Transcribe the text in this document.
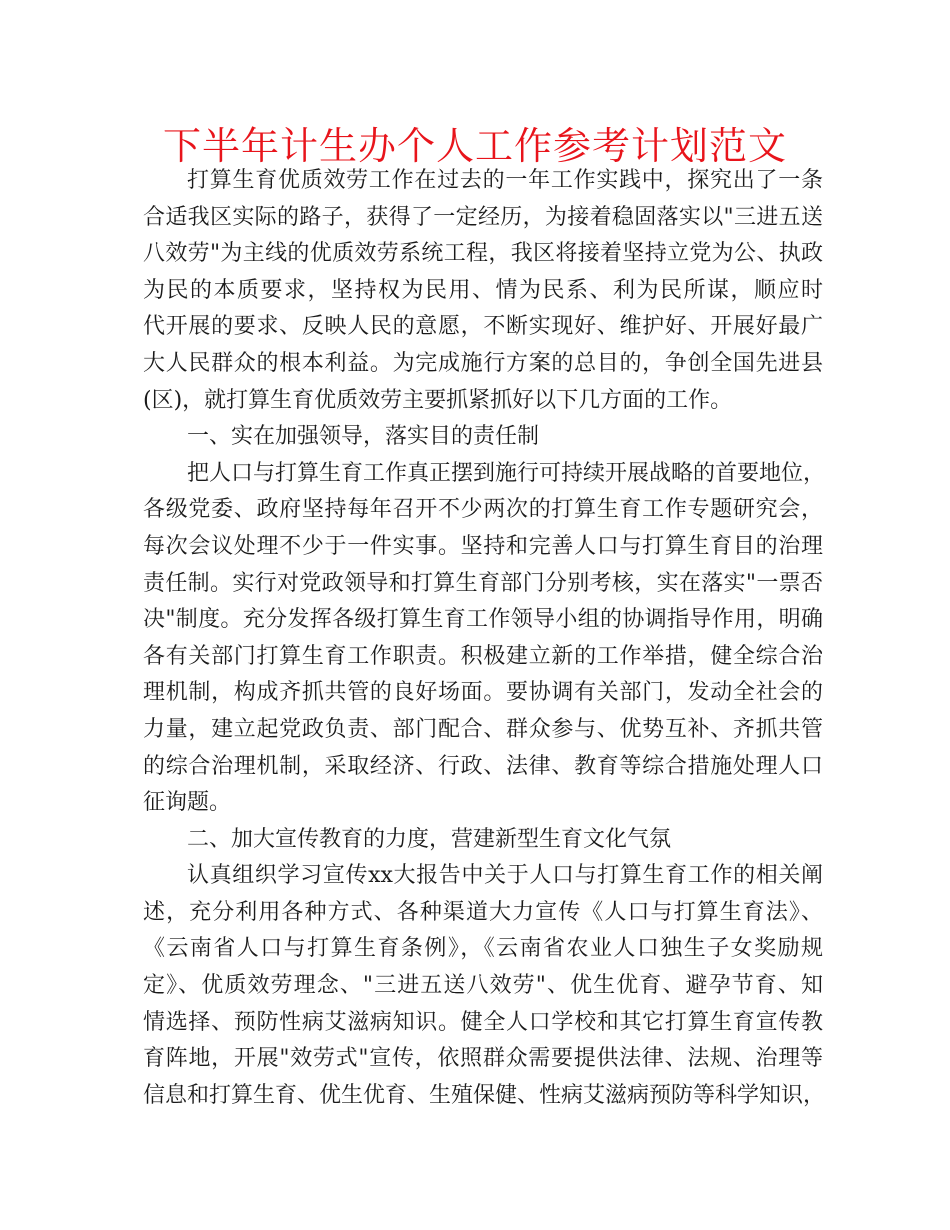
下半年计生办个人工作参考计划范文
打算生育优质效劳工作在过去的一年工作实践中，探究出了一条
合适我区实际的路子，获得了一定经历，为接着稳固落实以"三进五送
八效劳"为主线的优质效劳系统工程，我区将接着坚持立党为公、执政
为民的本质要求，坚持权为民用、情为民系、利为民所谋，顺应时
代开展的要求、反映人民的意愿，不断实现好、维护好、开展好最广
大人民群众的根本利益。为完成施行方案的总目的，争创全国先进县
(区)，就打算生育优质效劳主要抓紧抓好以下几方面的工作。
一、实在加强领导，落实目的责任制
把人口与打算生育工作真正摆到施行可持续开展战略的首要地位，
各级党委、政府坚持每年召开不少两次的打算生育工作专题研究会，
每次会议处理不少于一件实事。坚持和完善人口与打算生育目的治理
责任制。实行对党政领导和打算生育部门分别考核，实在落实"一票否
决"制度。充分发挥各级打算生育工作领导小组的协调指导作用，明确
各有关部门打算生育工作职责。积极建立新的工作举措，健全综合治
理机制，构成齐抓共管的良好场面。要协调有关部门，发动全社会的
力量，建立起党政负责、部门配合、群众参与、优势互补、齐抓共管
的综合治理机制，采取经济、行政、法律、教育等综合措施处理人口
征询题。
二、加大宣传教育的力度，营建新型生育文化气氛
认真组织学习宣传xx大报告中关于人口与打算生育工作的相关阐
述，充分利用各种方式、各种渠道大力宣传《人口与打算生育法》、
《云南省人口与打算生育条例》，《云南省农业人口独生子女奖励规
定》、优质效劳理念、"三进五送八效劳"、优生优育、避孕节育、知
情选择、预防性病艾滋病知识。健全人口学校和其它打算生育宣传教
育阵地，开展"效劳式"宣传，依照群众需要提供法律、法规、治理等
信息和打算生育、优生优育、生殖保健、性病艾滋病预防等科学知识，
